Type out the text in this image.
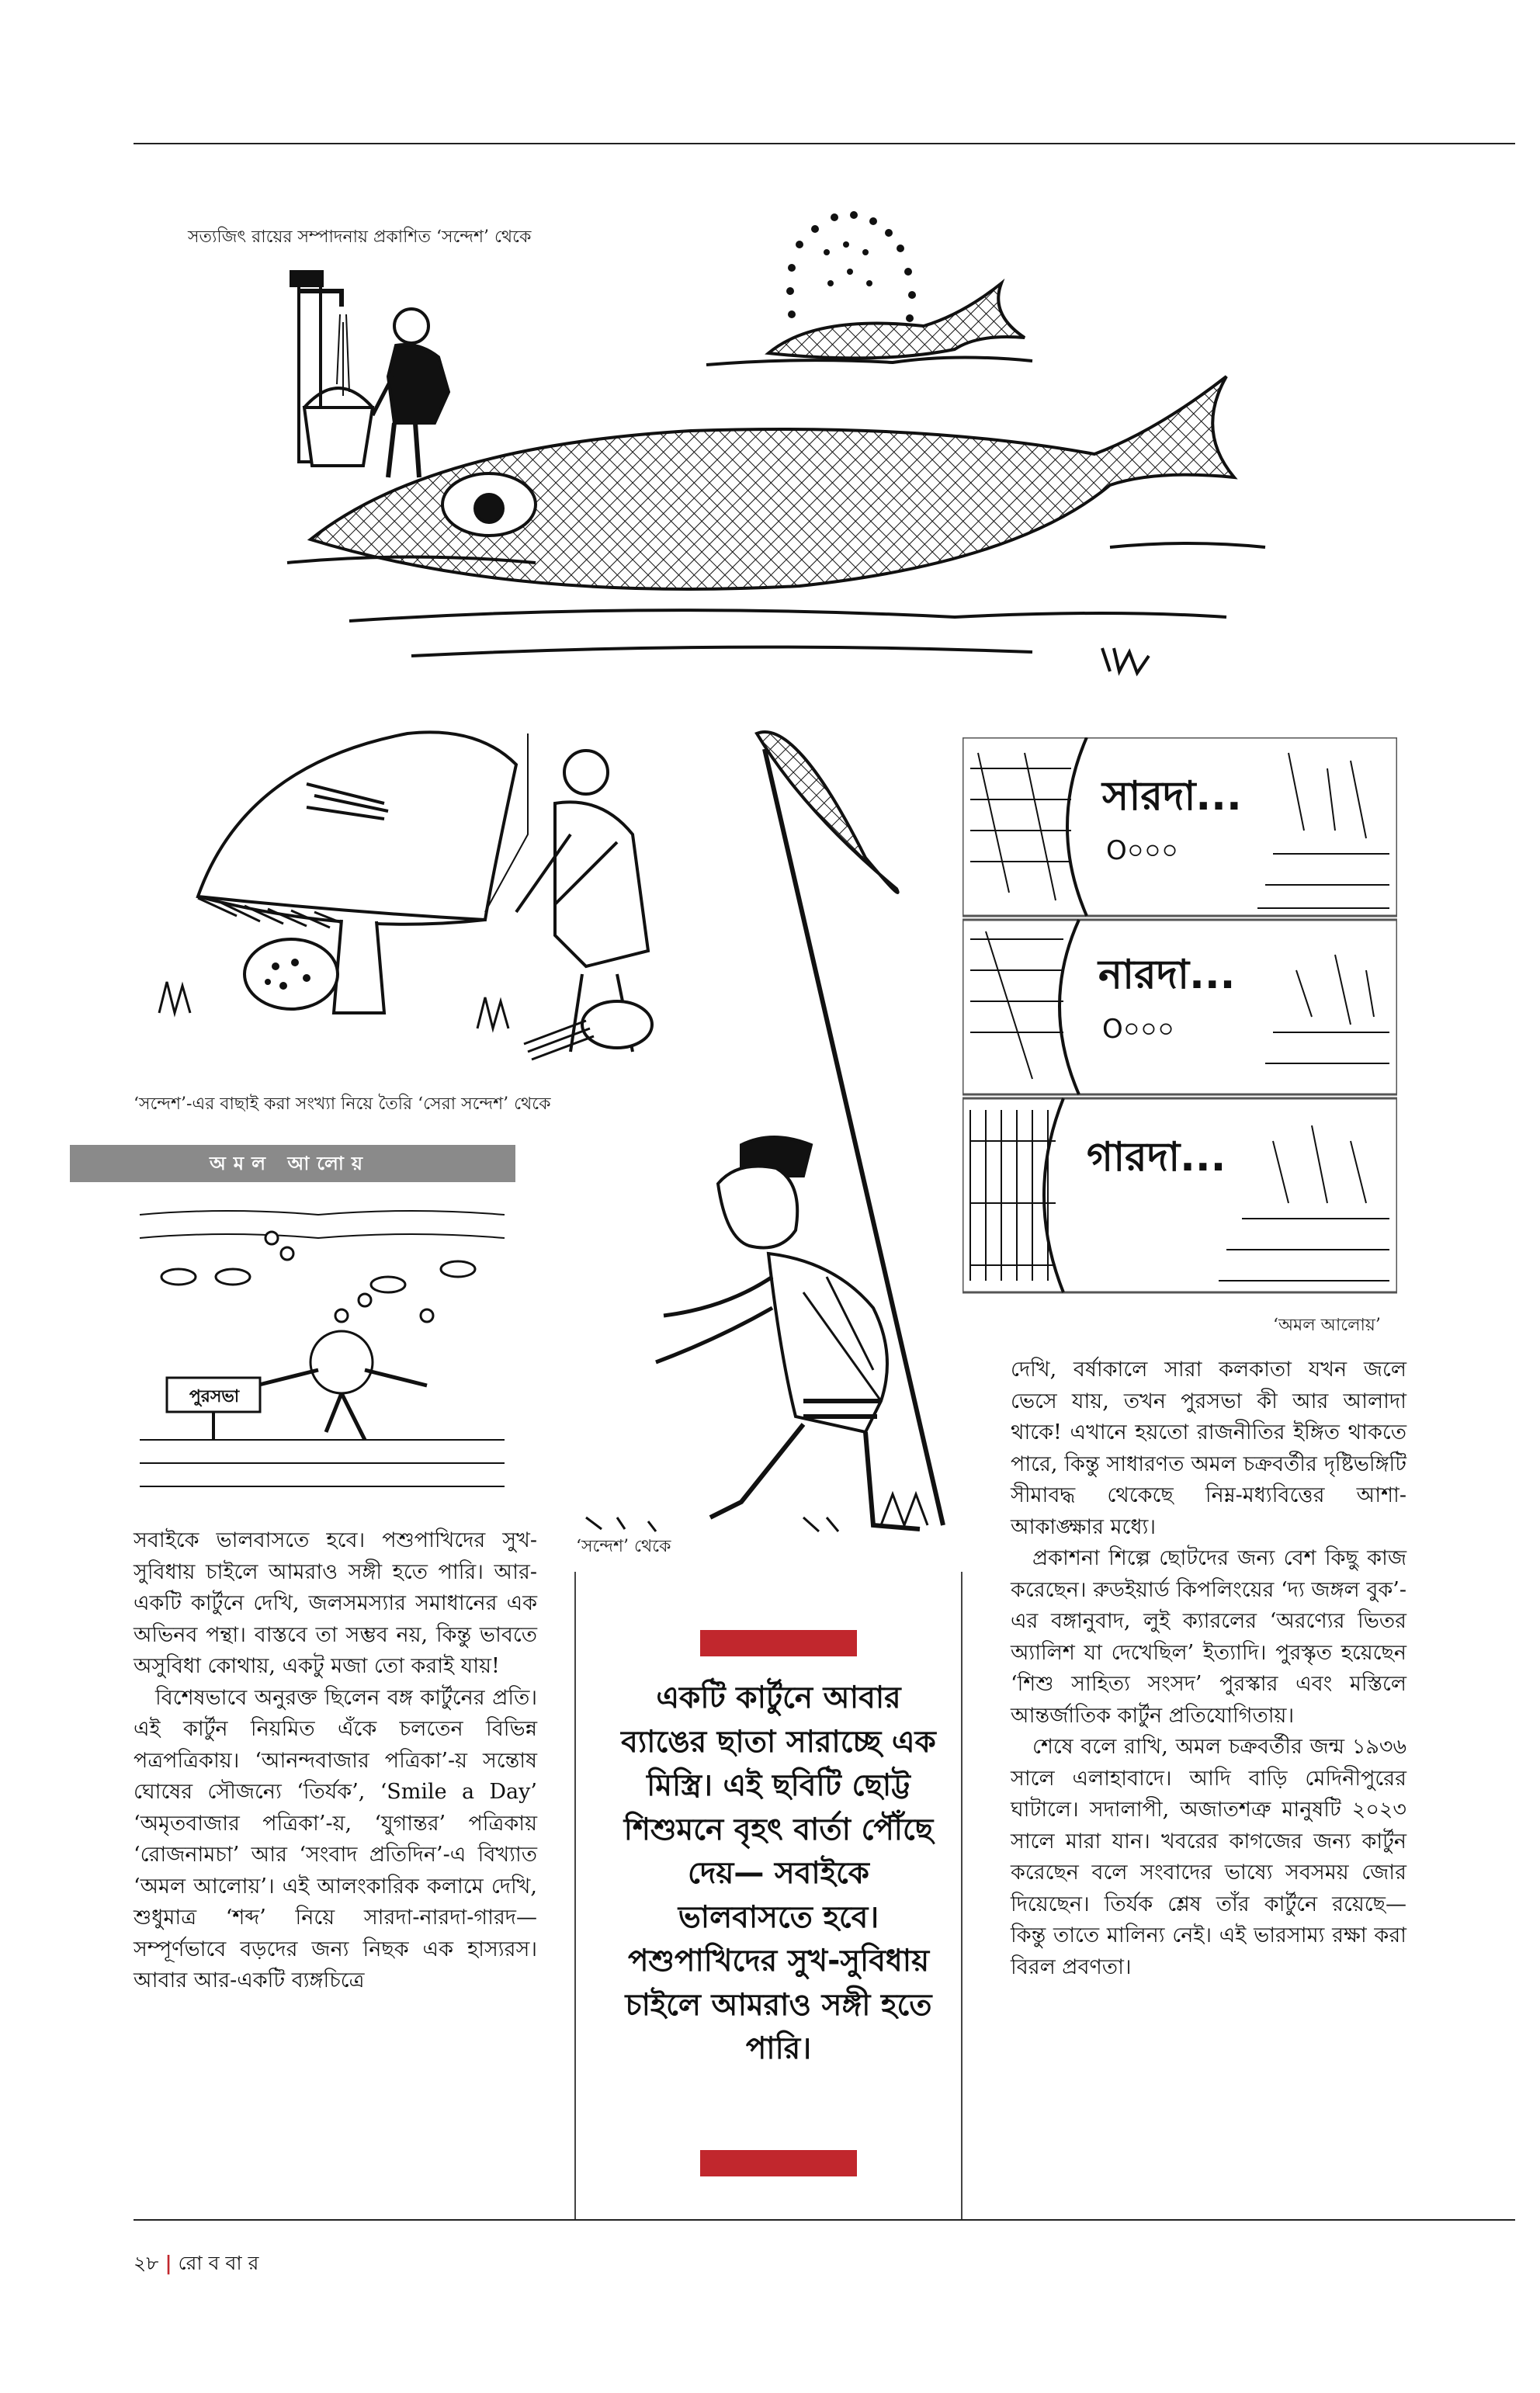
সত্যজিৎ রায়ের সম্পাদনায় প্রকাশিত ‘সন্দেশ’ থেকে
‘সন্দেশ’-এর বাছাই করা সংখ্যা নিয়ে তৈরি ‘সেরা সন্দেশ’ থেকে
অমল আলোয়
পুরসভা
‘সন্দেশ’ থেকে
সারদা...
O০০০
নারদা...
O০০০
গারদা...
‘অমল আলোয়’

সবাইকে ভালবাসতে হবে। পশুপাখিদের সুখ-সুবিধায় চাইলে আমরাও সঙ্গী হতে পারি। আর-একটি কার্টুনে দেখি, জলসমস্যার সমাধানের এক অভিনব পন্থা। বাস্তবে তা সম্ভব নয়, কিন্তু ভাবতে অসুবিধা কোথায়, একটু মজা তো করাই যায়!

বিশেষভাবে অনুরক্ত ছিলেন বঙ্গ কার্টুনের প্রতি। এই কার্টুন নিয়মিত এঁকে চলতেন বিভিন্ন পত্রপত্রিকায়। ‘আনন্দবাজার পত্রিকা’-য় সন্তোষ ঘোষের সৌজন্যে ‘তির্যক’, ‘Smile a Day’ ‘অমৃতবাজার পত্রিকা’-য়, ‘যুগান্তর’ পত্রিকায় ‘রোজনামচা’ আর ‘সংবাদ প্রতিদিন’-এ বিখ্যাত ‘অমল আলোয়’। এই আলংকারিক কলামে দেখি, শুধুমাত্র ‘শব্দ’ নিয়ে সারদা-নারদা-গারদ— সম্পূর্ণভাবে বড়দের জন্য নিছক এক হাস্যরস। আবার আর-একটি ব্যঙ্গচিত্রে

একটি কার্টুনে আবার ব্যাঙের ছাতা সারাচ্ছে এক মিস্ত্রি। এই ছবিটি ছোট্ট শিশুমনে বৃহৎ বার্তা পৌঁছে দেয়— সবাইকে ভালবাসতে হবে। পশুপাখিদের সুখ-সুবিধায় চাইলে আমরাও সঙ্গী হতে পারি।

দেখি, বর্ষাকালে সারা কলকাতা যখন জলে ভেসে যায়, তখন পুরসভা কী আর আলাদা থাকে! এখানে হয়তো রাজনীতির ইঙ্গিত থাকতে পারে, কিন্তু সাধারণত অমল চক্রবর্তীর দৃষ্টিভঙ্গিটি সীমাবদ্ধ থেকেছে নিম্ন-মধ্যবিত্তের আশা-আকাঙ্ক্ষার মধ্যে।

প্রকাশনা শিল্পে ছোটদের জন্য বেশ কিছু কাজ করেছেন। রুডইয়ার্ড কিপলিংয়ের ‘দ্য জঙ্গল বুক’-এর বঙ্গানুবাদ, লুই ক্যারলের ‘অরণ্যের ভিতর অ্যালিশ যা দেখেছিল’ ইত্যাদি। পুরস্কৃত হয়েছেন ‘শিশু সাহিত্য সংসদ’ পুরস্কার এবং মস্তিলে আন্তর্জাতিক কার্টুন প্রতিযোগিতায়।

শেষে বলে রাখি, অমল চক্রবর্তীর জন্ম ১৯৩৬ সালে এলাহাবাদে। আদি বাড়ি মেদিনীপুরের ঘাটালে। সদালাপী, অজাতশত্রু মানুষটি ২০২৩ সালে মারা যান। খবরের কাগজের জন্য কার্টুন করেছেন বলে সংবাদের ভাষ্যে সবসময় জোর দিয়েছেন। তির্যক শ্লেষ তাঁর কার্টুনে রয়েছে— কিন্তু তাতে মালিন্য নেই। এই ভারসাম্য রক্ষা করা বিরল প্রবণতা।

২৮ | রো ব বা র
